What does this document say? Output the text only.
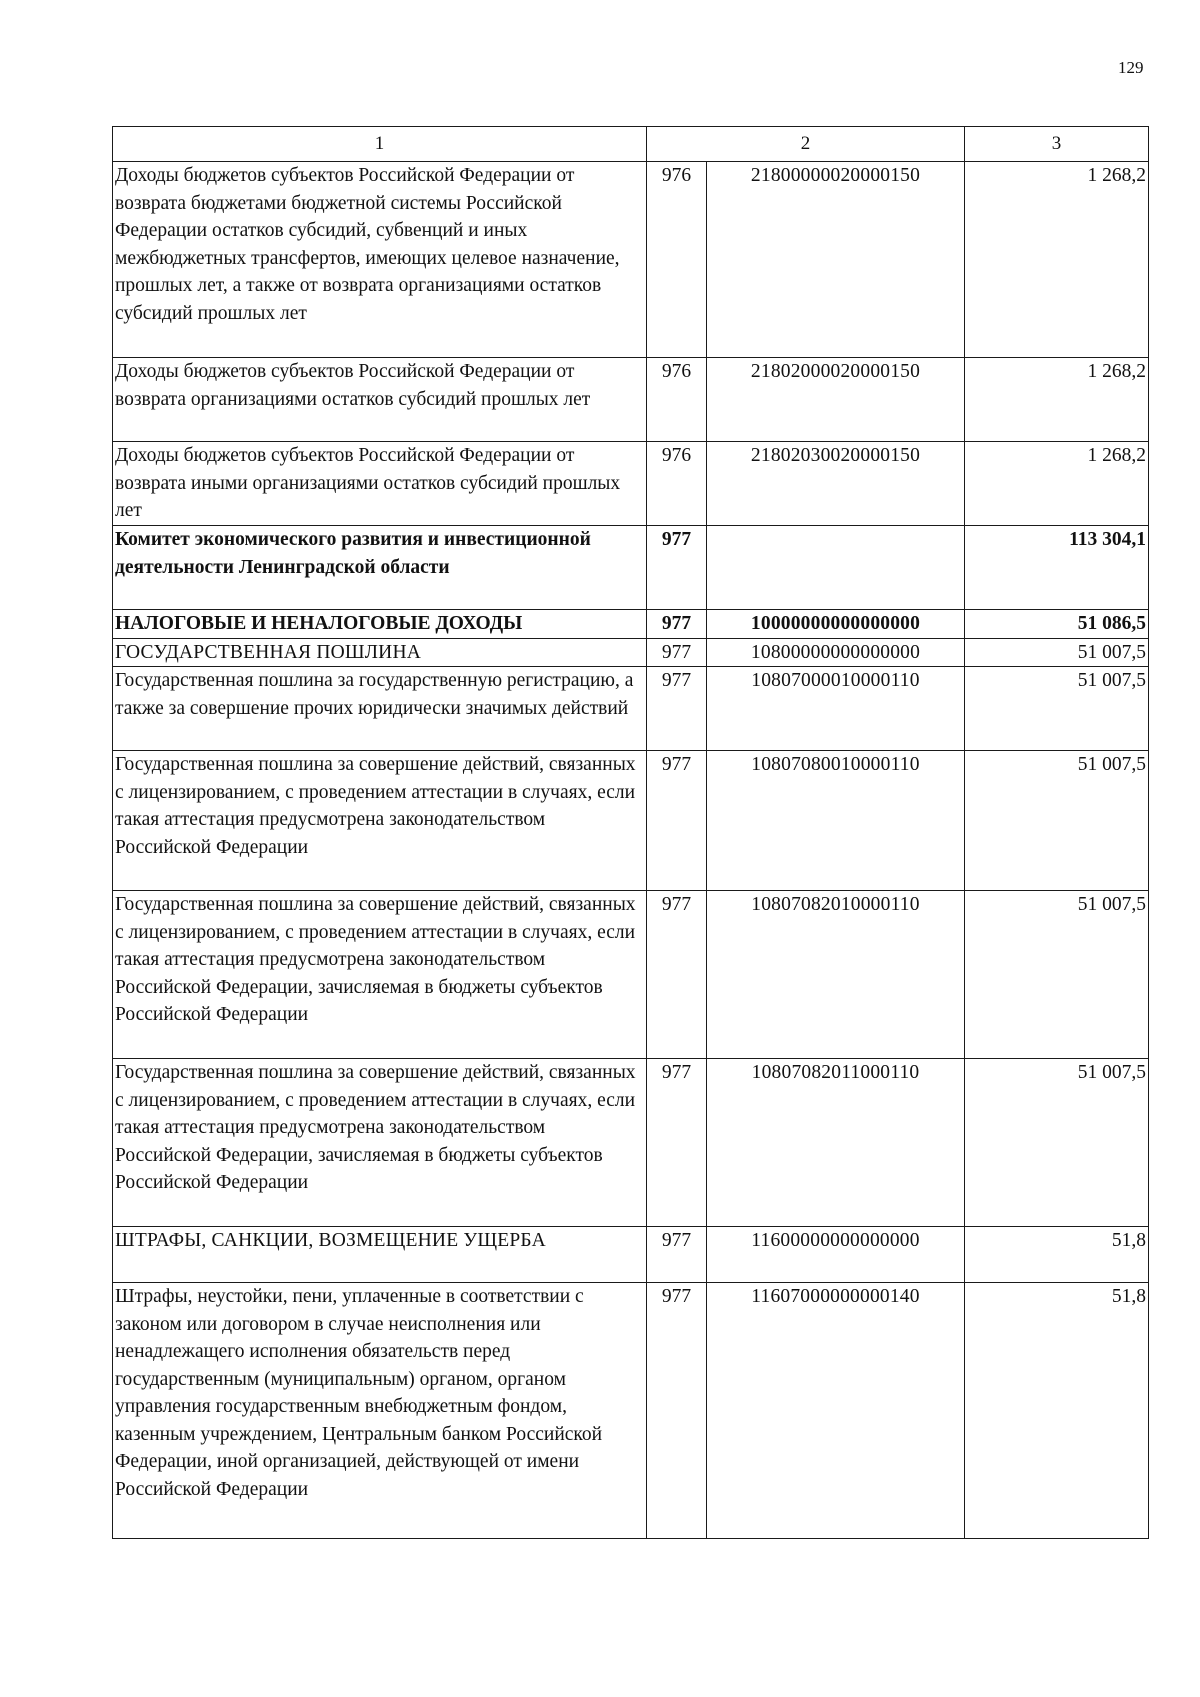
129
1	2		3
Доходы бюджетов субъектов Российской Федерации от возврата бюджетами бюджетной системы Российской Федерации остатков субсидий, субвенций и иных межбюджетных трансфертов, имеющих целевое назначение, прошлых лет, а также от возврата организациями остатков субсидий прошлых лет	976	21800000020000150	1 268,2
Доходы бюджетов субъектов Российской Федерации от возврата организациями остатков субсидий прошлых лет	976	21802000020000150	1 268,2
Доходы бюджетов субъектов Российской Федерации от возврата иными организациями остатков субсидий прошлых лет	976	21802030020000150	1 268,2
Комитет экономического развития и инвестиционной деятельности Ленинградской области	977		113 304,1
НАЛОГОВЫЕ И НЕНАЛОГОВЫЕ ДОХОДЫ	977	10000000000000000	51 086,5
ГОСУДАРСТВЕННАЯ ПОШЛИНА	977	10800000000000000	51 007,5
Государственная пошлина за государственную регистрацию, а также за совершение прочих юридически значимых действий	977	10807000010000110	51 007,5
Государственная пошлина за совершение действий, связанных с лицензированием, с проведением аттестации в случаях, если такая аттестация предусмотрена законодательством Российской Федерации	977	10807080010000110	51 007,5
Государственная пошлина за совершение действий, связанных с лицензированием, с проведением аттестации в случаях, если такая аттестация предусмотрена законодательством Российской Федерации, зачисляемая в бюджеты субъектов Российской Федерации	977	10807082010000110	51 007,5
Государственная пошлина за совершение действий, связанных с лицензированием, с проведением аттестации в случаях, если такая аттестация предусмотрена законодательством Российской Федерации, зачисляемая в бюджеты субъектов Российской Федерации	977	10807082011000110	51 007,5
ШТРАФЫ, САНКЦИИ, ВОЗМЕЩЕНИЕ УЩЕРБА	977	11600000000000000	51,8
Штрафы, неустойки, пени, уплаченные в соответствии с законом или договором в случае неисполнения или ненадлежащего исполнения обязательств перед государственным (муниципальным) органом, органом управления государственным внебюджетным фондом, казенным учреждением, Центральным банком Российской Федерации, иной организацией, действующей от имени Российской Федерации	977	11607000000000140	51,8
